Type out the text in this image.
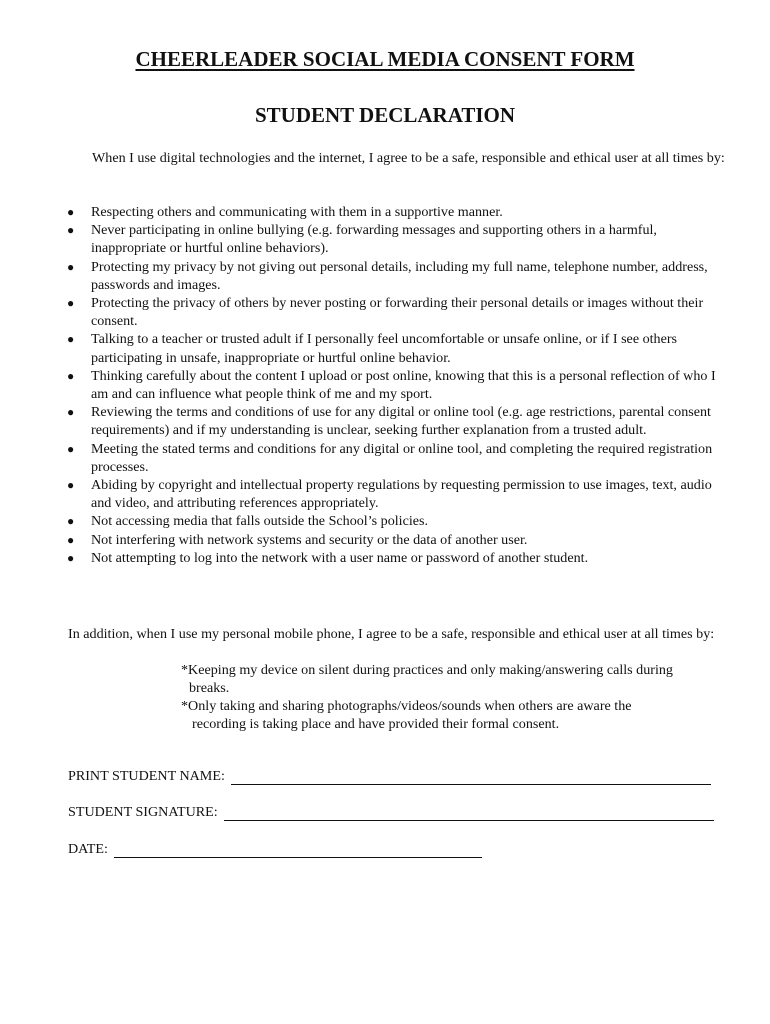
CHEERLEADER SOCIAL MEDIA CONSENT FORM
STUDENT DECLARATION

When I use digital technologies and the internet, I agree to be a safe, responsible and ethical user at all times by:

● Respecting others and communicating with them in a supportive manner.
● Never participating in online bullying (e.g. forwarding messages and supporting others in a harmful, inappropriate or hurtful online behaviors).
● Protecting my privacy by not giving out personal details, including my full name, telephone number, address, passwords and images.
● Protecting the privacy of others by never posting or forwarding their personal details or images without their consent.
● Talking to a teacher or trusted adult if I personally feel uncomfortable or unsafe online, or if I see others participating in unsafe, inappropriate or hurtful online behavior.
● Thinking carefully about the content I upload or post online, knowing that this is a personal reflection of who I am and can influence what people think of me and my sport.
● Reviewing the terms and conditions of use for any digital or online tool (e.g. age restrictions, parental consent requirements) and if my understanding is unclear, seeking further explanation from a trusted adult.
● Meeting the stated terms and conditions for any digital or online tool, and completing the required registration processes.
● Abiding by copyright and intellectual property regulations by requesting permission to use images, text, audio and video, and attributing references appropriately.
● Not accessing media that falls outside the School’s policies.
● Not interfering with network systems and security or the data of another user.
● Not attempting to log into the network with a user name or password of another student.

In addition, when I use my personal mobile phone, I agree to be a safe, responsible and ethical user at all times by:

*Keeping my device on silent during practices and only making/answering calls during
breaks.
*Only taking and sharing photographs/videos/sounds when others are aware the
recording is taking place and have provided their formal consent.
PRINT STUDENT NAME:
STUDENT SIGNATURE:
DATE:
